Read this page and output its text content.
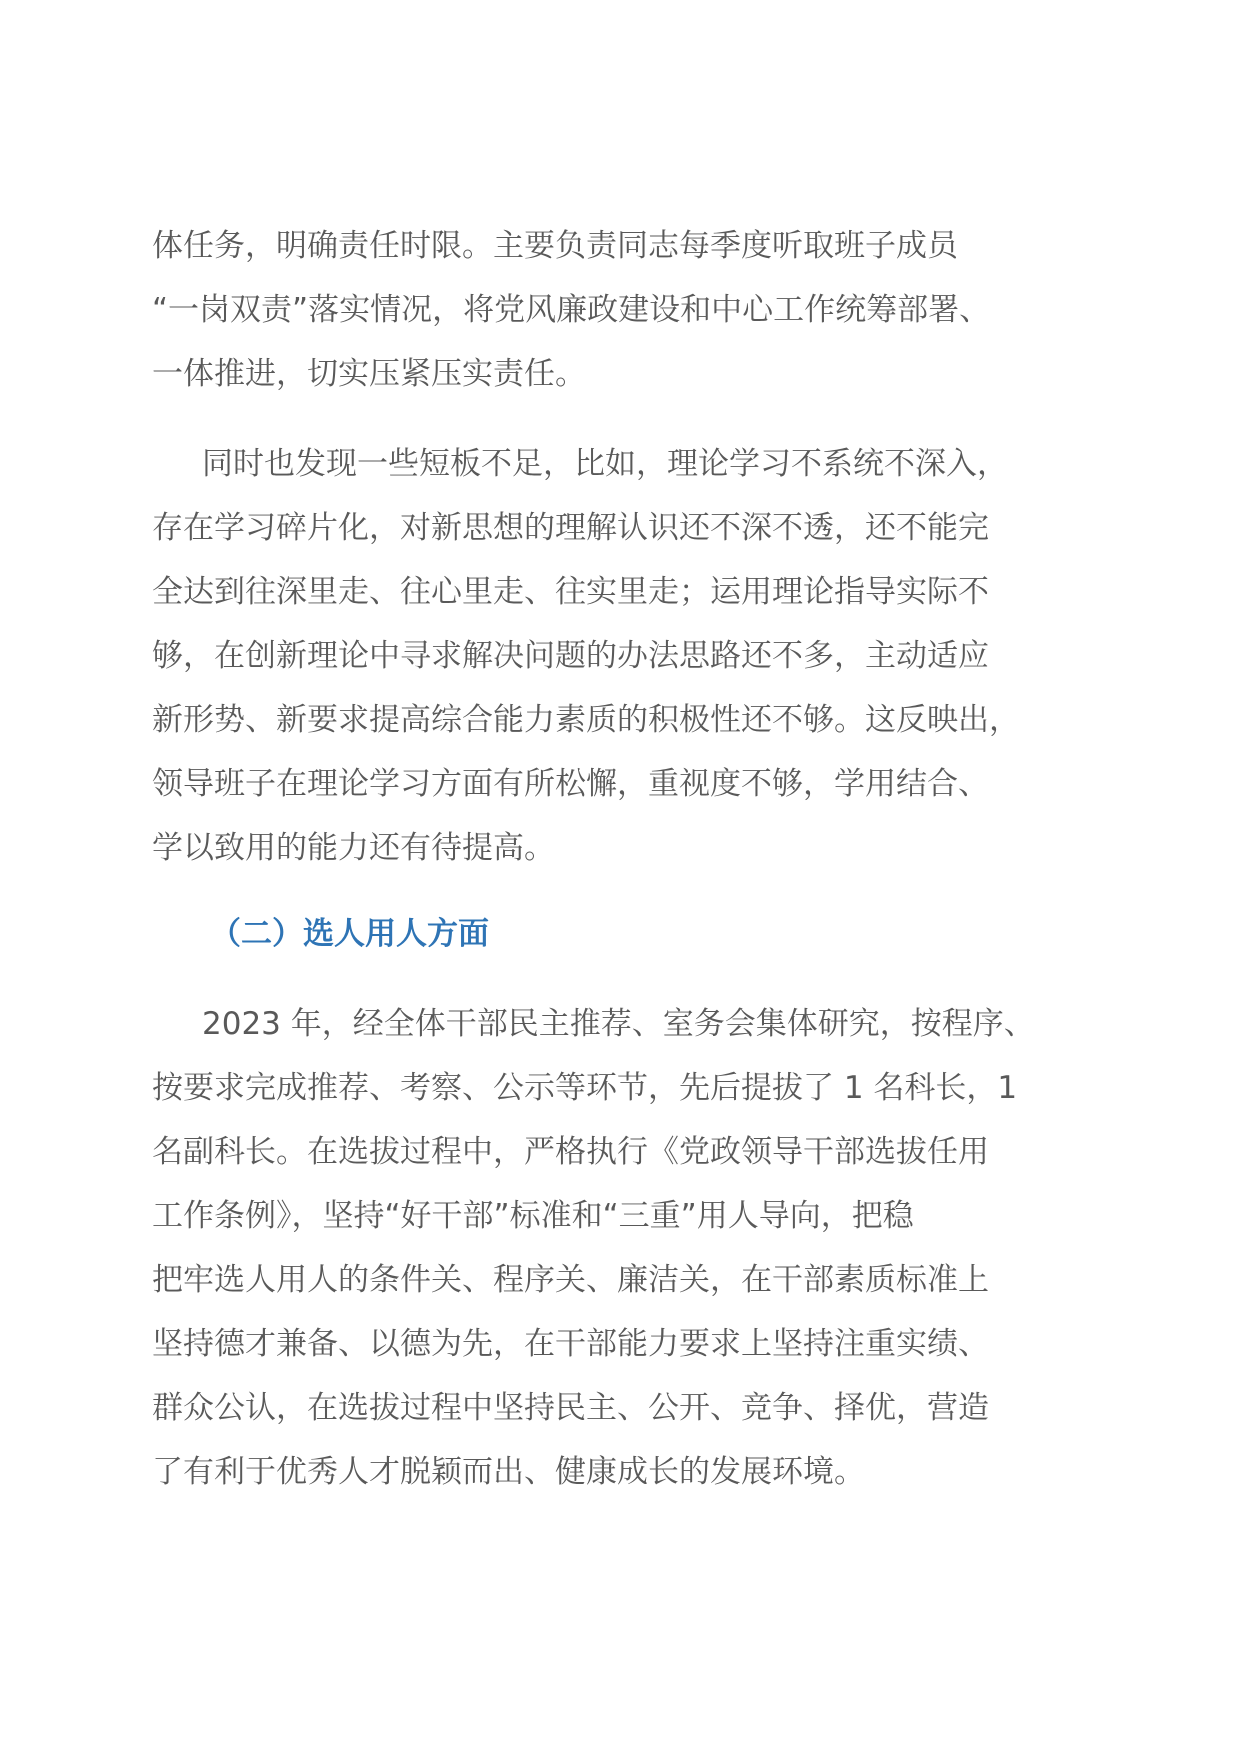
体任务，明确责任时限。主要负责同志每季度听取班子成员
“一岗双责”落实情况，将党风廉政建设和中心工作统筹部署、
一体推进，切实压紧压实责任。

同时也发现一些短板不足，比如，理论学习不系统不深入，
存在学习碎片化，对新思想的理解认识还不深不透，还不能完
全达到往深里走、往心里走、往实里走；运用理论指导实际不
够，在创新理论中寻求解决问题的办法思路还不多，主动适应
新形势、新要求提高综合能力素质的积极性还不够。这反映出，
领导班子在理论学习方面有所松懈，重视度不够，学用结合、
学以致用的能力还有待提高。

（二）选人用人方面

2023 年，经全体干部民主推荐、室务会集体研究，按程序、
按要求完成推荐、考察、公示等环节，先后提拔了 1 名科长，1
名副科长。在选拔过程中，严格执行《党政领导干部选拔任用
工作条例》，坚持“好干部”标准和“三重”用人导向，把稳
把牢选人用人的条件关、程序关、廉洁关，在干部素质标准上
坚持德才兼备、以德为先，在干部能力要求上坚持注重实绩、
群众公认，在选拔过程中坚持民主、公开、竞争、择优，营造
了有利于优秀人才脱颖而出、健康成长的发展环境。
